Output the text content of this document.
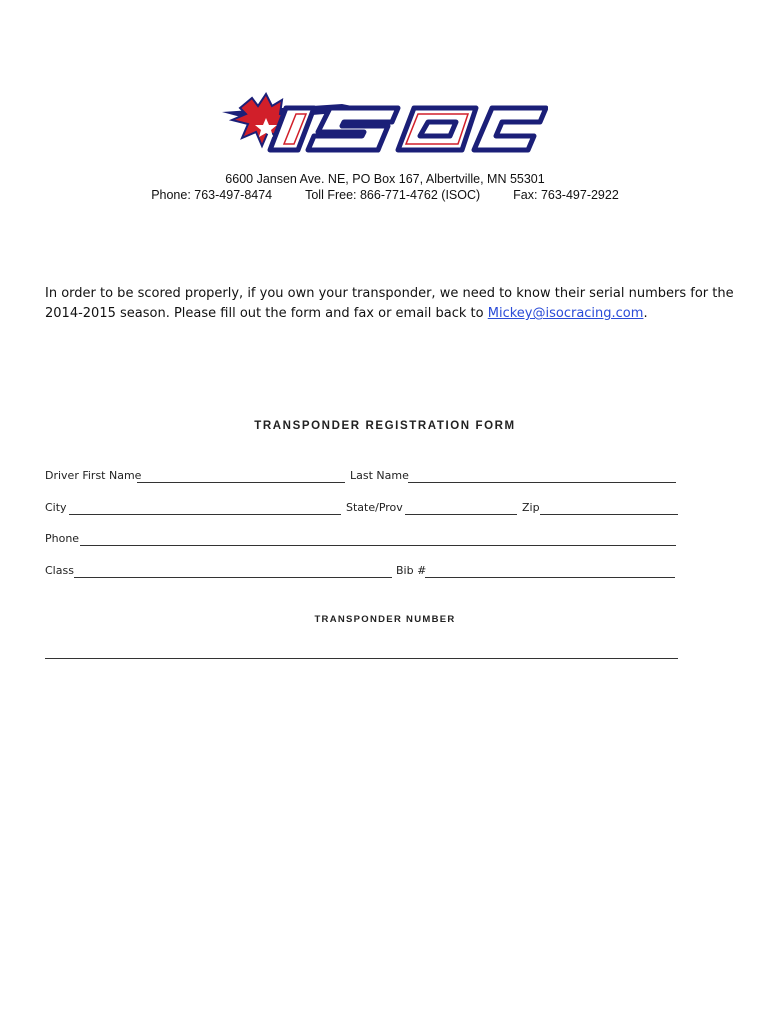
6600 Jansen Ave. NE, PO Box 167, Albertville, MN 55301
Phone: 763-497-8474	Toll Free: 866-771-4762 (ISOC)	Fax: 763-497-2922
In order to be scored properly, if you own your transponder, we need to know their serial numbers for the 2014-2015 season. Please fill out the form and fax or email back to Mickey@isocracing.com.
TRANSPONDER REGISTRATION FORM
Driver First Name	Last Name
City	State/Prov	Zip
Phone
Class	Bib #
TRANSPONDER NUMBER
